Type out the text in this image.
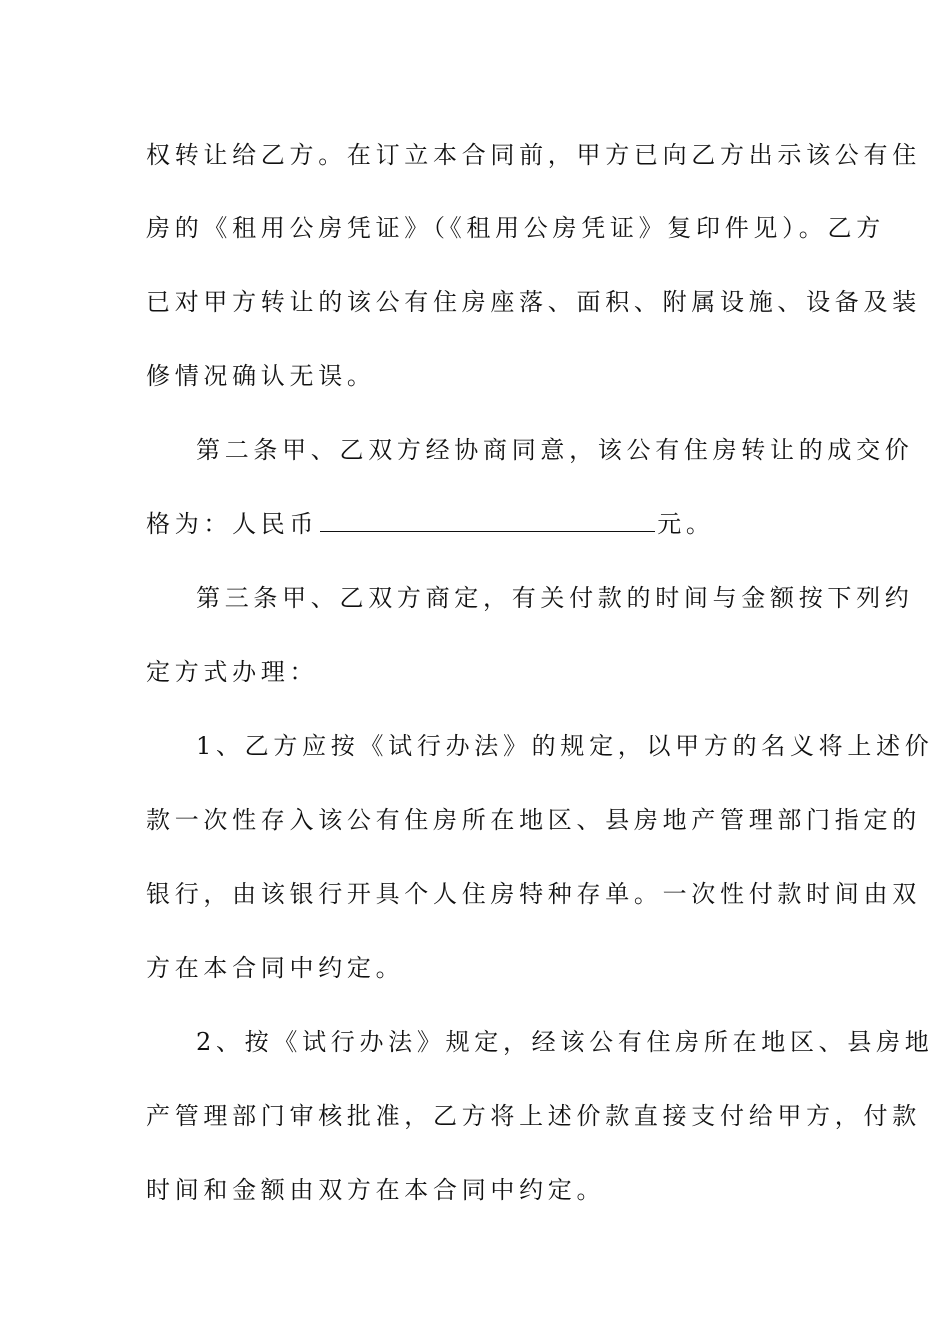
权转让给乙方。在订立本合同前，甲方已向乙方出示该公有住
房的《租用公房凭证》（《租用公房凭证》复印件见）。乙方
已对甲方转让的该公有住房座落、面积、附属设施、设备及装
修情况确认无误。
第二条甲、乙双方经协商同意，该公有住房转让的成交价
格为：人民币	元。
第三条甲、乙双方商定，有关付款的时间与金额按下列约
定方式办理：
1、乙方应按《试行办法》的规定，以甲方的名义将上述价
款一次性存入该公有住房所在地区、县房地产管理部门指定的
银行，由该银行开具个人住房特种存单。一次性付款时间由双
方在本合同中约定。
2、按《试行办法》规定，经该公有住房所在地区、县房地
产管理部门审核批准，乙方将上述价款直接支付给甲方，付款
时间和金额由双方在本合同中约定。
